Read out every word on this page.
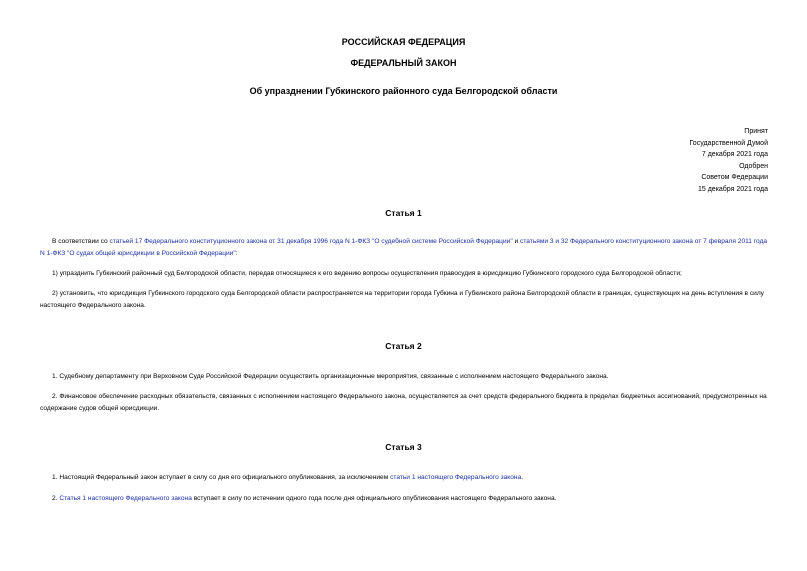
РОССИЙСКАЯ ФЕДЕРАЦИЯ
ФЕДЕРАЛЬНЫЙ ЗАКОН
Об упразднении Губкинского районного суда Белгородской области
Принят
Государственной Думой
7 декабря 2021 года
Одобрен
Советом Федерации
15 декабря 2021 года
Статья 1
В соответствии со статьей 17 Федерального конституционного закона от 31 декабря 1996 года N 1-ФКЗ "О судебной системе Российской Федерации" и статьями 3 и 32 Федерального конституционного закона от 7 февраля 2011 года N 1-ФКЗ "О судах общей юрисдикции в Российской Федерации":
1) упразднить Губкинский районный суд Белгородской области, передав относящиеся к его ведению вопросы осуществления правосудия в юрисдикцию Губкинского городского суда Белгородской области;
2) установить, что юрисдикция Губкинского городского суда Белгородской области распространяется на территории города Губкина и Губкинского района Белгородской области в границах, существующих на день вступления в силу настоящего Федерального закона.
Статья 2
1. Судебному департаменту при Верховном Суде Российской Федерации осуществить организационные мероприятия, связанные с исполнением настоящего Федерального закона.
2. Финансовое обеспечение расходных обязательств, связанных с исполнением настоящего Федерального закона, осуществляется за счет средств федерального бюджета в пределах бюджетных ассигнований, предусмотренных на содержание судов общей юрисдикции.
Статья 3
1. Настоящий Федеральный закон вступает в силу со дня его официального опубликования, за исключением статьи 1 настоящего Федерального закона.
2. Статья 1 настоящего Федерального закона вступает в силу по истечении одного года после дня официального опубликования настоящего Федерального закона.
